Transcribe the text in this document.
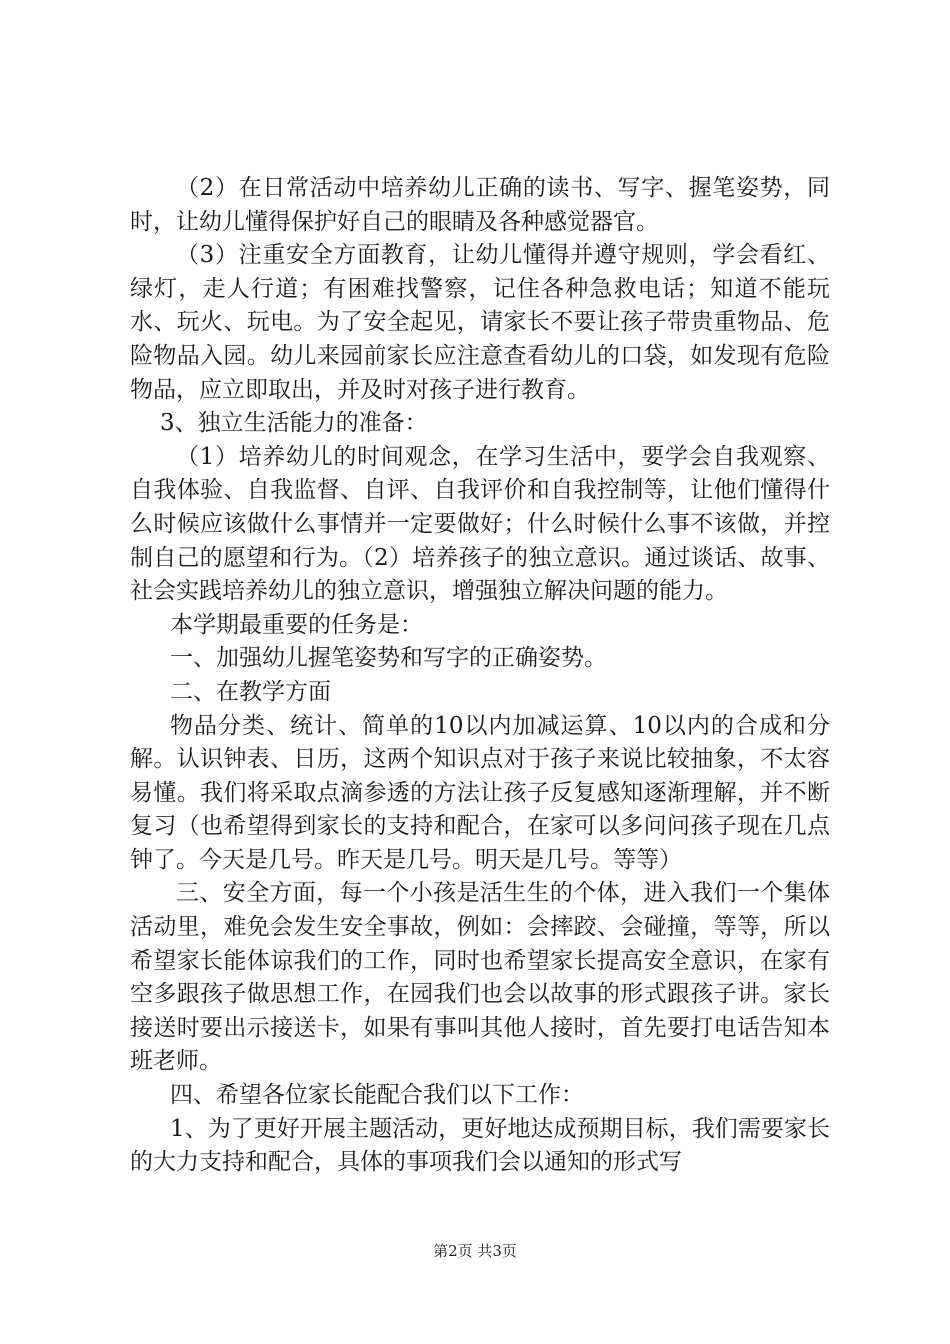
（2）在日常活动中培养幼儿正确的读书、写字、握笔姿势，同时，让幼儿懂得保护好自己的眼睛及各种感觉器官。

（3）注重安全方面教育，让幼儿懂得并遵守规则，学会看红、绿灯，走人行道；有困难找警察，记住各种急救电话；知道不能玩水、玩火、玩电。为了安全起见，请家长不要让孩子带贵重物品、危险物品入园。幼儿来园前家长应注意查看幼儿的口袋，如发现有危险物品，应立即取出，并及时对孩子进行教育。

3、独立生活能力的准备：

（1）培养幼儿的时间观念，在学习生活中，要学会自我观察、自我体验、自我监督、自评、自我评价和自我控制等，让他们懂得什么时候应该做什么事情并一定要做好；什么时候什么事不该做，并控制自己的愿望和行为。（2）培养孩子的独立意识。通过谈话、故事、社会实践培养幼儿的独立意识，增强独立解决问题的能力。

本学期最重要的任务是：

一、加强幼儿握笔姿势和写字的正确姿势。

二、在教学方面

物品分类、统计、简单的10以内加减运算、10以内的合成和分解。认识钟表、日历，这两个知识点对于孩子来说比较抽象，不太容易懂。我们将采取点滴参透的方法让孩子反复感知逐渐理解，并不断复习（也希望得到家长的支持和配合，在家可以多问问孩子现在几点钟了。今天是几号。昨天是几号。明天是几号。等等）

三、安全方面，每一个小孩是活生生的个体，进入我们一个集体活动里，难免会发生安全事故，例如：会摔跤、会碰撞，等等，所以希望家长能体谅我们的工作，同时也希望家长提高安全意识，在家有空多跟孩子做思想工作，在园我们也会以故事的形式跟孩子讲。家长接送时要出示接送卡，如果有事叫其他人接时，首先要打电话告知本班老师。

四、希望各位家长能配合我们以下工作：

1、为了更好开展主题活动，更好地达成预期目标，我们需要家长的大力支持和配合，具体的事项我们会以通知的形式写

第2页 共3页
